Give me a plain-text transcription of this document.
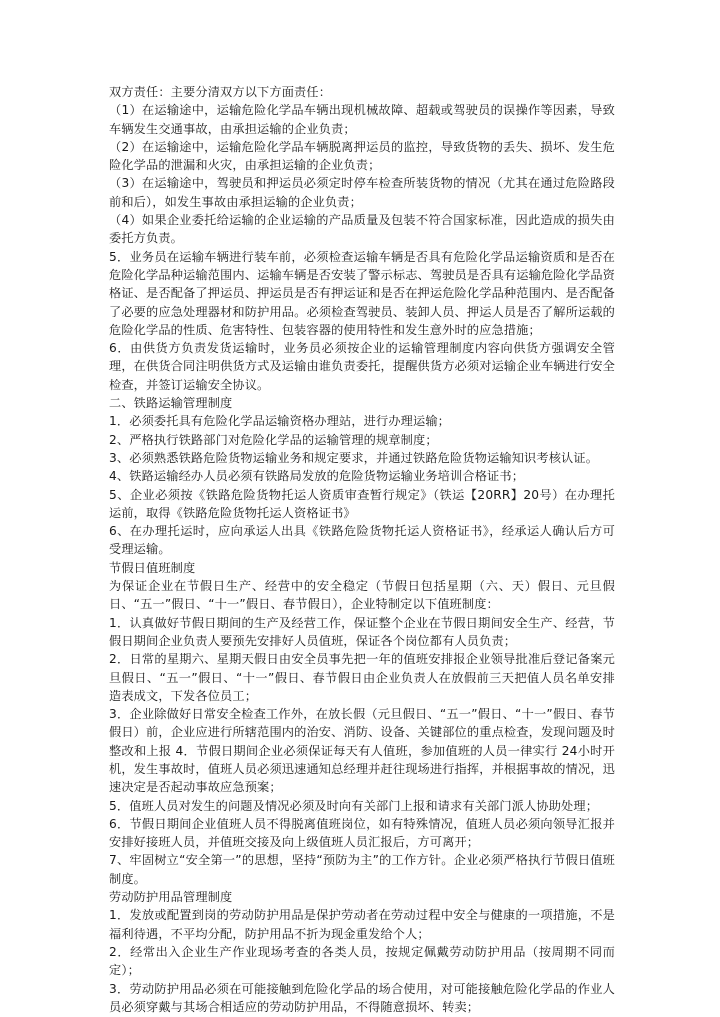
双方责任：主要分清双方以下方面责任：

（1）在运输途中，运输危险化学品车辆出现机械故障、超载或驾驶员的误操作等因素，导致车辆发生交通事故，由承担运输的企业负责；

（2）在运输途中，运输危险化学品车辆脱离押运员的监控，导致货物的丢失、损坏、发生危险化学品的泄漏和火灾，由承担运输的企业负责；

（3）在运输途中，驾驶员和押运员必须定时停车检查所装货物的情况（尤其在通过危险路段前和后），如发生事故由承担运输的企业负责；

（4）如果企业委托给运输的企业运输的产品质量及包装不符合国家标准，因此造成的损失由委托方负责。

5．业务员在运输车辆进行装车前，必须检查运输车辆是否具有危险化学品运输资质和是否在危险化学品种运输范围内、运输车辆是否安装了警示标志、驾驶员是否具有运输危险化学品资格证、是否配备了押运员、押运员是否有押运证和是否在押运危险化学品种范围内、是否配备了必要的应急处理器材和防护用品。必须检查驾驶员、装卸人员、押运人员是否了解所运载的危险化学品的性质、危害特性、包装容器的使用特性和发生意外时的应急措施；

6．由供货方负责发货运输时，业务员必须按企业的运输管理制度内容向供货方强调安全管理，在供货合同注明供货方式及运输由谁负责委托，提醒供货方必须对运输企业车辆进行安全检查，并签订运输安全协议。

二、铁路运输管理制度

1．必须委托具有危险化学品运输资格办理站，进行办理运输；

2、严格执行铁路部门对危险化学品的运输管理的规章制度；

3、必须熟悉铁路危险货物运输业务和规定要求，并通过铁路危险货物运输知识考核认证。

4、铁路运输经办人员必须有铁路局发放的危险货物运输业务培训合格证书；

5、企业必须按《铁路危险货物托运人资质审查暂行规定》（铁运【20RR】20号）在办理托运前，取得《铁路危险货物托运人资格证书》

6、在办理托运时，应向承运人出具《铁路危险货物托运人资格证书》，经承运人确认后方可受理运输。

节假日值班制度

为保证企业在节假日生产、经营中的安全稳定（节假日包括星期（六、天）假日、元旦假日、“五一”假日、“十一”假日、春节假日），企业特制定以下值班制度：

1．认真做好节假日期间的生产及经营工作，保证整个企业在节假日期间安全生产、经营，节假日期间企业负责人要预先安排好人员值班，保证各个岗位都有人员负责；

2．日常的星期六、星期天假日由安全员事先把一年的值班安排报企业领导批准后登记备案元旦假日、“五一”假日、“十一”假日、春节假日由企业负责人在放假前三天把值人员名单安排造表成文，下发各位员工；

3．企业除做好日常安全检查工作外，在放长假（元旦假日、“五一”假日、“十一”假日、春节假日）前，企业应进行所辖范围内的治安、消防、设备、关键部位的重点检查，发现问题及时整改和上报 4．节假日期间企业必须保证每天有人值班，参加值班的人员一律实行 24小时开机，发生事故时，值班人员必须迅速通知总经理并赶往现场进行指挥，并根据事故的情况，迅速决定是否起动事故应急预案；

5．值班人员对发生的问题及情况必须及时向有关部门上报和请求有关部门派人协助处理；

6．节假日期间企业值班人员不得脱离值班岗位，如有特殊情况，值班人员必须向领导汇报并安排好接班人员，并值班交接及向上级值班人员汇报后，方可离开；

7、牢固树立“安全第一”的思想，坚持“预防为主”的工作方针。企业必须严格执行节假日值班制度。

劳动防护用品管理制度

1．发放或配置到岗的劳动防护用品是保护劳动者在劳动过程中安全与健康的一项措施，不是福利待遇，不平均分配，防护用品不折为现金重发给个人；

2．经常出入企业生产作业现场考查的各类人员，按规定佩戴劳动防护用品（按周期不同而定）；

3．劳动防护用品必须在可能接触到危险化学品的场合使用，对可能接触危险化学品的作业人员必须穿戴与其场合相适应的劳动防护用品，不得随意损坏、转卖；
